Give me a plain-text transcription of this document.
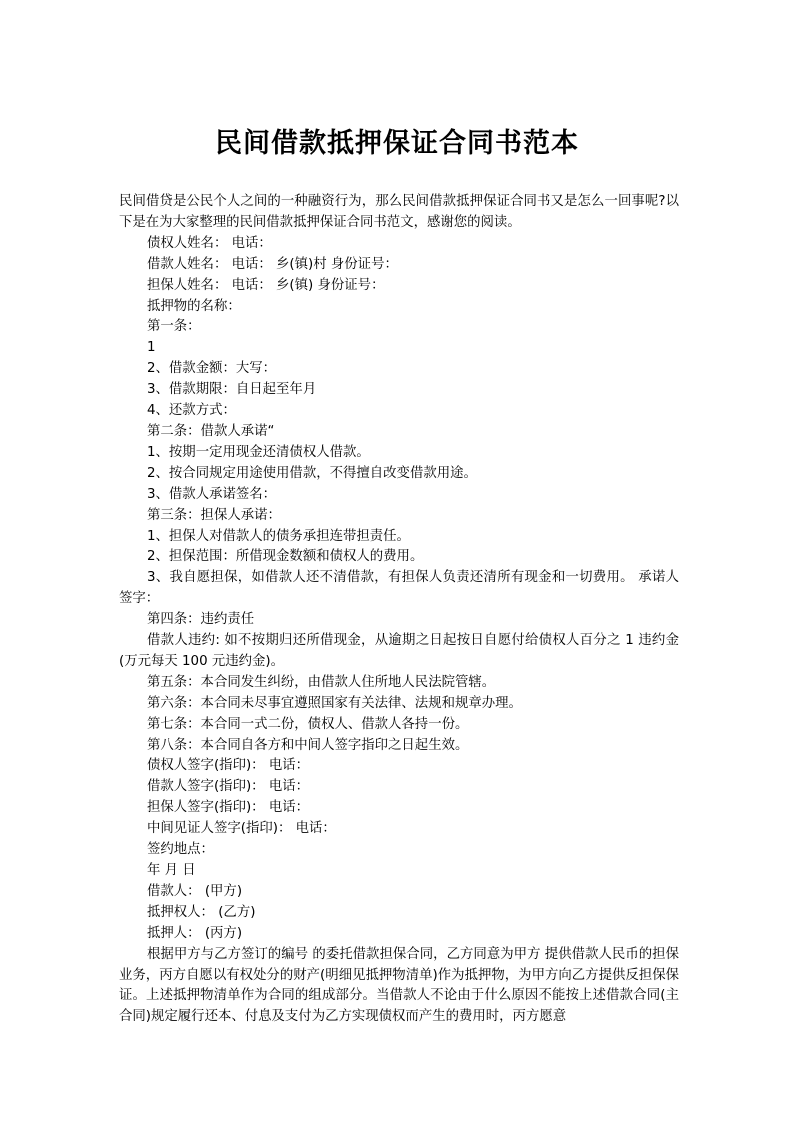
民间借款抵押保证合同书范本

民间借贷是公民个人之间的一种融资行为，那么民间借款抵押保证合同书又是怎么一回事呢?以下是在为大家整理的民间借款抵押保证合同书范文，感谢您的阅读。

债权人姓名： 电话：

借款人姓名： 电话： 乡(镇)村 身份证号：

担保人姓名： 电话： 乡(镇) 身份证号：

抵押物的名称：

第一条：

1

2、借款金额：大写：

3、借款期限：自日起至年月

4、还款方式：

第二条：借款人承诺“

1、按期一定用现金还清债权人借款。

2、按合同规定用途使用借款，不得擅自改变借款用途。

3、借款人承诺签名：

第三条：担保人承诺：

1、担保人对借款人的债务承担连带担责任。

2、担保范围：所借现金数额和债权人的费用。

3、我自愿担保，如借款人还不清借款，有担保人负责还清所有现金和一切费用。 承诺人签字：

第四条：违约责任

借款人违约: 如不按期归还所借现金，从逾期之日起按日自愿付给债权人百分之 1 违约金(万元每天 100 元违约金)。

第五条：本合同发生纠纷，由借款人住所地人民法院管辖。

第六条：本合同未尽事宜遵照国家有关法律、法规和规章办理。

第七条：本合同一式二份，债权人、借款人各持一份。

第八条：本合同自各方和中间人签字指印之日起生效。

债权人签字(指印)： 电话：

借款人签字(指印)： 电话：

担保人签字(指印)： 电话：

中间见证人签字(指印)： 电话：

签约地点：

年 月 日

借款人： (甲方)

抵押权人： (乙方)

抵押人： (丙方)

根据甲方与乙方签订的编号 的委托借款担保合同，乙方同意为甲方 提供借款人民币的担保业务，丙方自愿以有权处分的财产(明细见抵押物清单)作为抵押物，为甲方向乙方提供反担保保证。上述抵押物清单作为合同的组成部分。当借款人不论由于什么原因不能按上述借款合同(主合同)规定履行还本、付息及支付为乙方实现债权而产生的费用时，丙方愿意
